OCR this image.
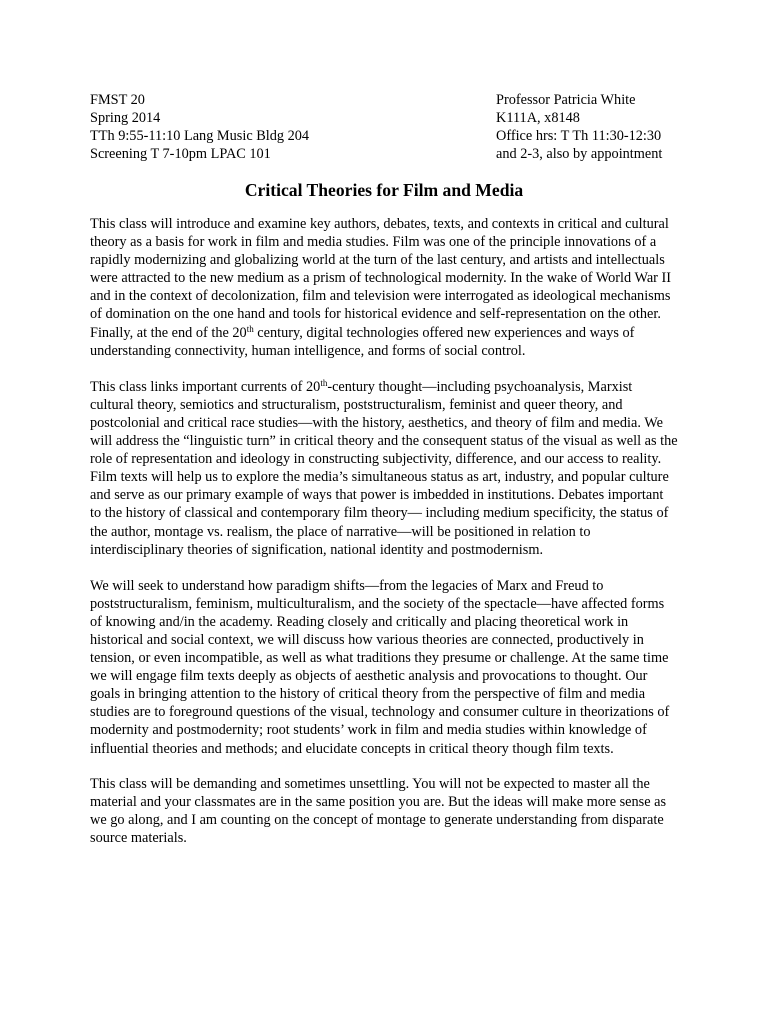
FMST 20
Spring 2014
TTh 9:55-11:10 Lang Music Bldg 204
Screening T 7-10pm LPAC 101
Professor Patricia White
K111A, x8148
Office hrs: T Th 11:30-12:30
and 2-3, also by appointment
Critical Theories for Film and Media

This class will introduce and examine key authors, debates, texts, and contexts in critical and cultural theory as a basis for work in film and media studies. Film was one of the principle innovations of a rapidly modernizing and globalizing world at the turn of the last century, and artists and intellectuals were attracted to the new medium as a prism of technological modernity. In the wake of World War II and in the context of decolonization, film and television were interrogated as ideological mechanisms of domination on the one hand and tools for historical evidence and self-representation on the other. Finally, at the end of the 20th century, digital technologies offered new experiences and ways of understanding connectivity, human intelligence, and forms of social control.

This class links important currents of 20th-century thought—including psychoanalysis, Marxist cultural theory, semiotics and structuralism, poststructuralism, feminist and queer theory, and postcolonial and critical race studies—with the history, aesthetics, and theory of film and media. We will address the “linguistic turn” in critical theory and the consequent status of the visual as well as the role of representation and ideology in constructing subjectivity, difference, and our access to reality. Film texts will help us to explore the media’s simultaneous status as art, industry, and popular culture and serve as our primary example of ways that power is imbedded in institutions. Debates important to the history of classical and contemporary film theory— including medium specificity, the status of the author, montage vs. realism, the place of narrative—will be positioned in relation to interdisciplinary theories of signification, national identity and postmodernism.

We will seek to understand how paradigm shifts—from the legacies of Marx and Freud to poststructuralism, feminism, multiculturalism, and the society of the spectacle—have affected forms of knowing and/in the academy. Reading closely and critically and placing theoretical work in historical and social context, we will discuss how various theories are connected, productively in tension, or even incompatible, as well as what traditions they presume or challenge. At the same time we will engage film texts deeply as objects of aesthetic analysis and provocations to thought. Our goals in bringing attention to the history of critical theory from the perspective of film and media studies are to foreground questions of the visual, technology and consumer culture in theorizations of modernity and postmodernity; root students’ work in film and media studies within knowledge of influential theories and methods; and elucidate concepts in critical theory though film texts.

This class will be demanding and sometimes unsettling. You will not be expected to master all the material and your classmates are in the same position you are. But the ideas will make more sense as we go along, and I am counting on the concept of montage to generate understanding from disparate source materials.
